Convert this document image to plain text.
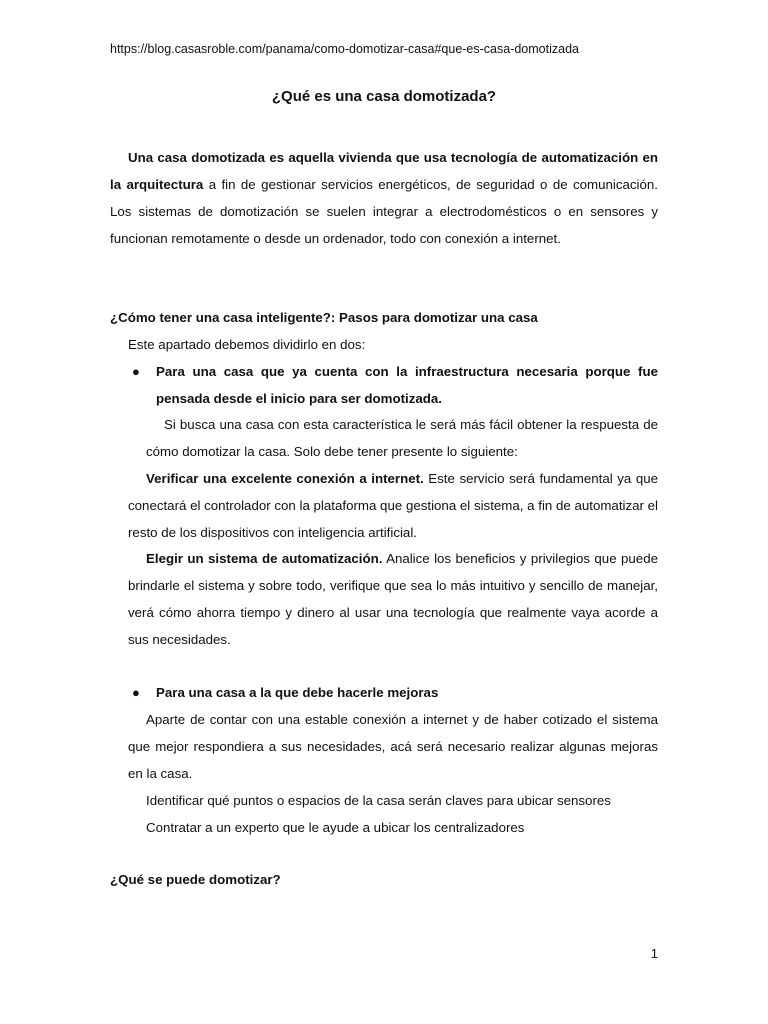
https://blog.casasroble.com/panama/como-domotizar-casa#que-es-casa-domotizada
¿Qué es una casa domotizada?
Una casa domotizada es aquella vivienda que usa tecnología de automatización en la arquitectura a fin de gestionar servicios energéticos, de seguridad o de comunicación. Los sistemas de domotización se suelen integrar a electrodomésticos o en sensores y funcionan remotamente o desde un ordenador, todo con conexión a internet.
¿Cómo tener una casa inteligente?: Pasos para domotizar una casa
Este apartado debemos dividirlo en dos:
● Para una casa que ya cuenta con la infraestructura necesaria porque fue pensada desde el inicio para ser domotizada.
Si busca una casa con esta característica le será más fácil obtener la respuesta de cómo domotizar la casa. Solo debe tener presente lo siguiente:
Verificar una excelente conexión a internet. Este servicio será fundamental ya que conectará el controlador con la plataforma que gestiona el sistema, a fin de automatizar el resto de los dispositivos con inteligencia artificial.
Elegir un sistema de automatización. Analice los beneficios y privilegios que puede brindarle el sistema y sobre todo, verifique que sea lo más intuitivo y sencillo de manejar, verá cómo ahorra tiempo y dinero al usar una tecnología que realmente vaya acorde a sus necesidades.
● Para una casa a la que debe hacerle mejoras
Aparte de contar con una estable conexión a internet y de haber cotizado el sistema que mejor respondiera a sus necesidades, acá será necesario realizar algunas mejoras en la casa.
Identificar qué puntos o espacios de la casa serán claves para ubicar sensores
Contratar a un experto que le ayude a ubicar los centralizadores
¿Qué se puede domotizar?
1
